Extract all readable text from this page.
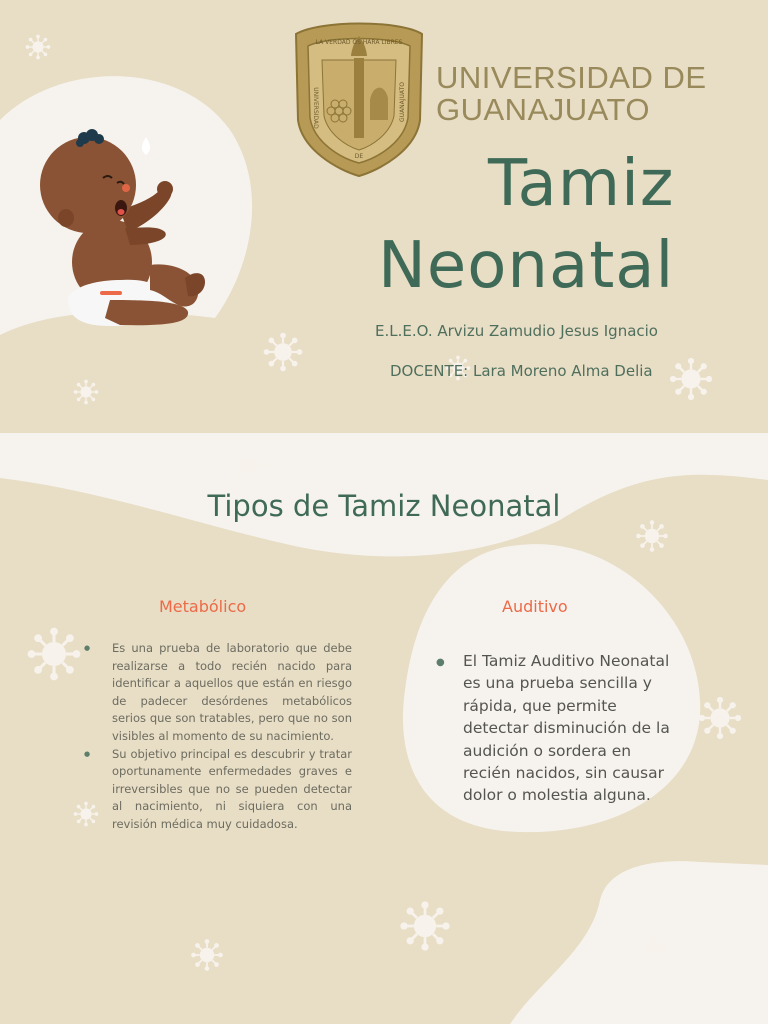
LA VERDAD OS HARA LIBRES
UNIVERSIDAD	GUANAJUATO
DE
UNIVERSIDAD DE
GUANAJUATO
Tamiz
Neonatal
E.L.E.O. Arvizu Zamudio Jesus Ignacio
DOCENTE: Lara Moreno Alma Delia
Tipos de Tamiz Neonatal
Metabólico
● Es una prueba de laboratorio que debe realizarse a todo recién nacido para identificar a aquellos que están en riesgo de padecer desórdenes metabólicos serios que son tratables, pero que no son visibles al momento de su nacimiento.
● Su objetivo principal es descubrir y tratar oportunamente enfermedades graves e irreversibles que no se pueden detectar al nacimiento, ni siquiera con una revisión médica muy cuidadosa.
Auditivo
● El Tamiz Auditivo Neonatal es una prueba sencilla y rápida, que permite detectar disminución de la audición o sordera en recién nacidos, sin causar dolor o molestia alguna.
